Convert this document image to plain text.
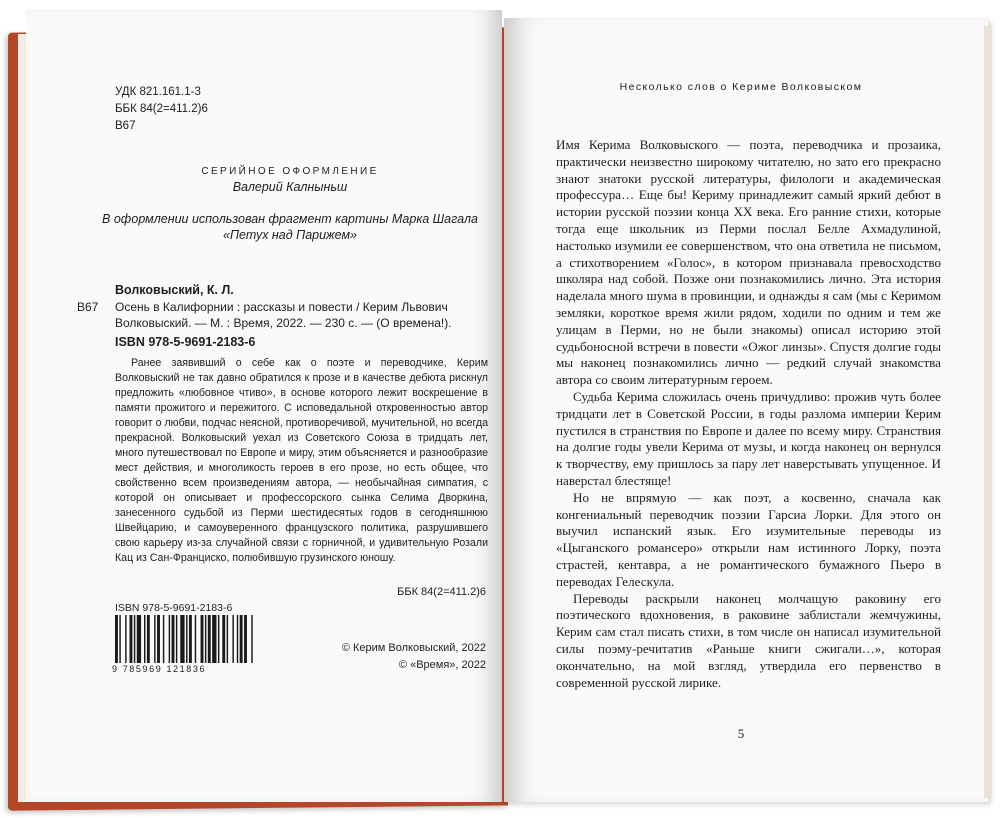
УДК 821.161.1-3
ББК 84(2=411.2)6
В67
СЕРИЙНОЕ ОФОРМЛЕНИЕ
Валерий Калныньш
В оформлении использован фрагмент картины Марка Шагала «Петух над Парижем»
Волковыский, К. Л.
В67 Осень в Калифорнии : рассказы и повести / Керим Львович Волковыский. — М. : Время, 2022. — 230 с. — (О времена!).
ISBN 978-5-9691-2183-6
Ранее заявивший о себе как о поэте и переводчике, Керим Волковыский не так давно обратился к прозе и в качестве дебюта рискнул предложить «любовное чтиво», в основе которого лежит воскрешение в памяти прожитого и пережитого. С исповедальной откровенностью автор говорит о любви, подчас неясной, противоречивой, мучительной, но всегда прекрасной. Волковыский уехал из Советского Союза в тридцать лет, много путешествовал по Европе и миру, этим объясняется и разнообразие мест действия, и многоликость героев в его прозе, но есть общее, что свойственно всем произведениям автора, — необычайная симпатия, с которой он описывает и профессорского сынка Селима Дворкина, занесенного судьбой из Перми шестидесятых годов в сегодняшнюю Швейцарию, и самоуверенного французского политика, разрушившего свою карьеру из-за случайной связи с горничной, и удивительную Розали Кац из Сан-Франциско, полюбившую грузинского юношу.
ББК 84(2=411.2)6
ISBN 978-5-9691-2183-6
9 785969 121836
© Керим Волковыский, 2022
© «Время», 2022
Несколько слов о Кериме Волковыском

Имя Керима Волковыского — поэта, переводчика и прозаика, практически неизвестно широкому читателю, но зато его прекрасно знают знатоки русской литературы, филологи и академическая профессура… Еще бы! Кериму принадлежит самый яркий дебют в истории русской поэзии конца XX века. Его ранние стихи, которые тогда еще школьник из Перми послал Белле Ахмадулиной, настолько изумили ее совершенством, что она ответила не письмом, а стихотворением «Голос», в котором признавала превосходство школяра над собой. Позже они познакомились лично. Эта история наделала много шума в провинции, и однажды я сам (мы с Керимом земляки, короткое время жили рядом, ходили по одним и тем же улицам в Перми, но не были знакомы) описал историю этой судьбоносной встречи в повести «Ожог линзы». Спустя долгие годы мы наконец познакомились лично — редкий случай знакомства автора со своим литературным героем.

Судьба Керима сложилась очень причудливо: прожив чуть более тридцати лет в Советской России, в годы разлома империи Керим пустился в странствия по Европе и далее по всему миру. Странствия на долгие годы увели Керима от музы, и когда наконец он вернулся к творчеству, ему пришлось за пару лет наверстывать упущенное. И наверстал блестяще!

Но не впрямую — как поэт, а косвенно, сначала как конгениальный переводчик поэзии Гарсиа Лорки. Для этого он выучил испанский язык. Его изумительные переводы из «Цыганского романсеро» открыли нам истинного Лорку, поэта страстей, кентавра, а не романтического бумажного Пьеро в переводах Гелескула.

Переводы раскрыли наконец молчащую раковину его поэтического вдохновения, в раковине заблистали жемчужины, Керим сам стал писать стихи, в том числе он написал изумительной силы поэму-речитатив «Раньше книги сжигали…», которая окончательно, на мой взгляд, утвердила его первенство в современной русской лирике.

5
